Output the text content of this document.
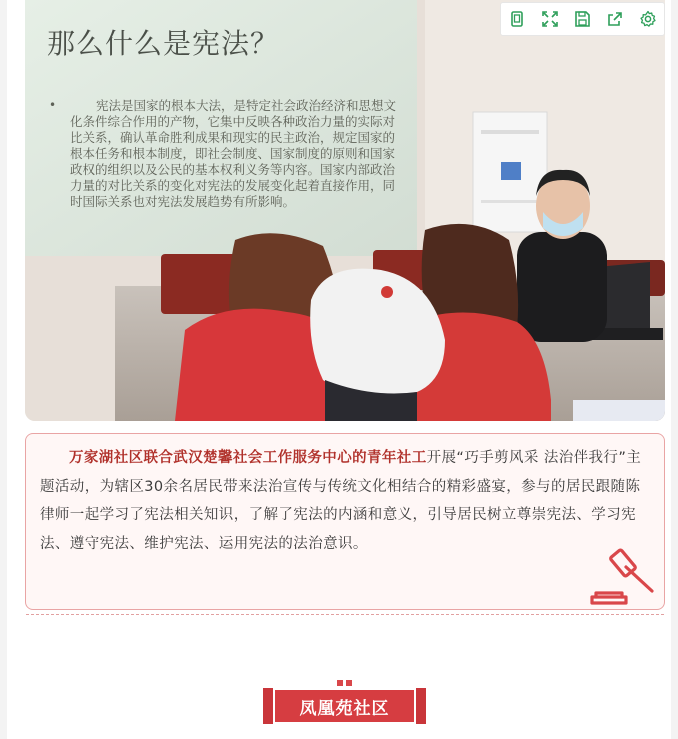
那么什么是宪法？
•	宪法是国家的根本大法，是特定社会政治经济和思想文化条件综合作用的产物，它集中反映各种政治力量的实际对比关系，确认革命胜利成果和现实的民主政治，规定国家的根本任务和根本制度，即社会制度、国家制度的原则和国家政权的组织以及公民的基本权利义务等内容。国家内部政治力量的对比关系的变化对宪法的发展变化起着直接作用，同时国际关系也对宪法发展趋势有所影响。
万家湖社区联合武汉楚馨社会工作服务中心的青年社工开展“巧手剪风采 法治伴我行”主题活动，为辖区30余名居民带来法治宣传与传统文化相结合的精彩盛宴，参与的居民跟随陈律师一起学习了宪法相关知识，了解了宪法的内涵和意义，引导居民树立尊崇宪法、学习宪法、遵守宪法、维护宪法、运用宪法的法治意识。
凤凰苑社区
